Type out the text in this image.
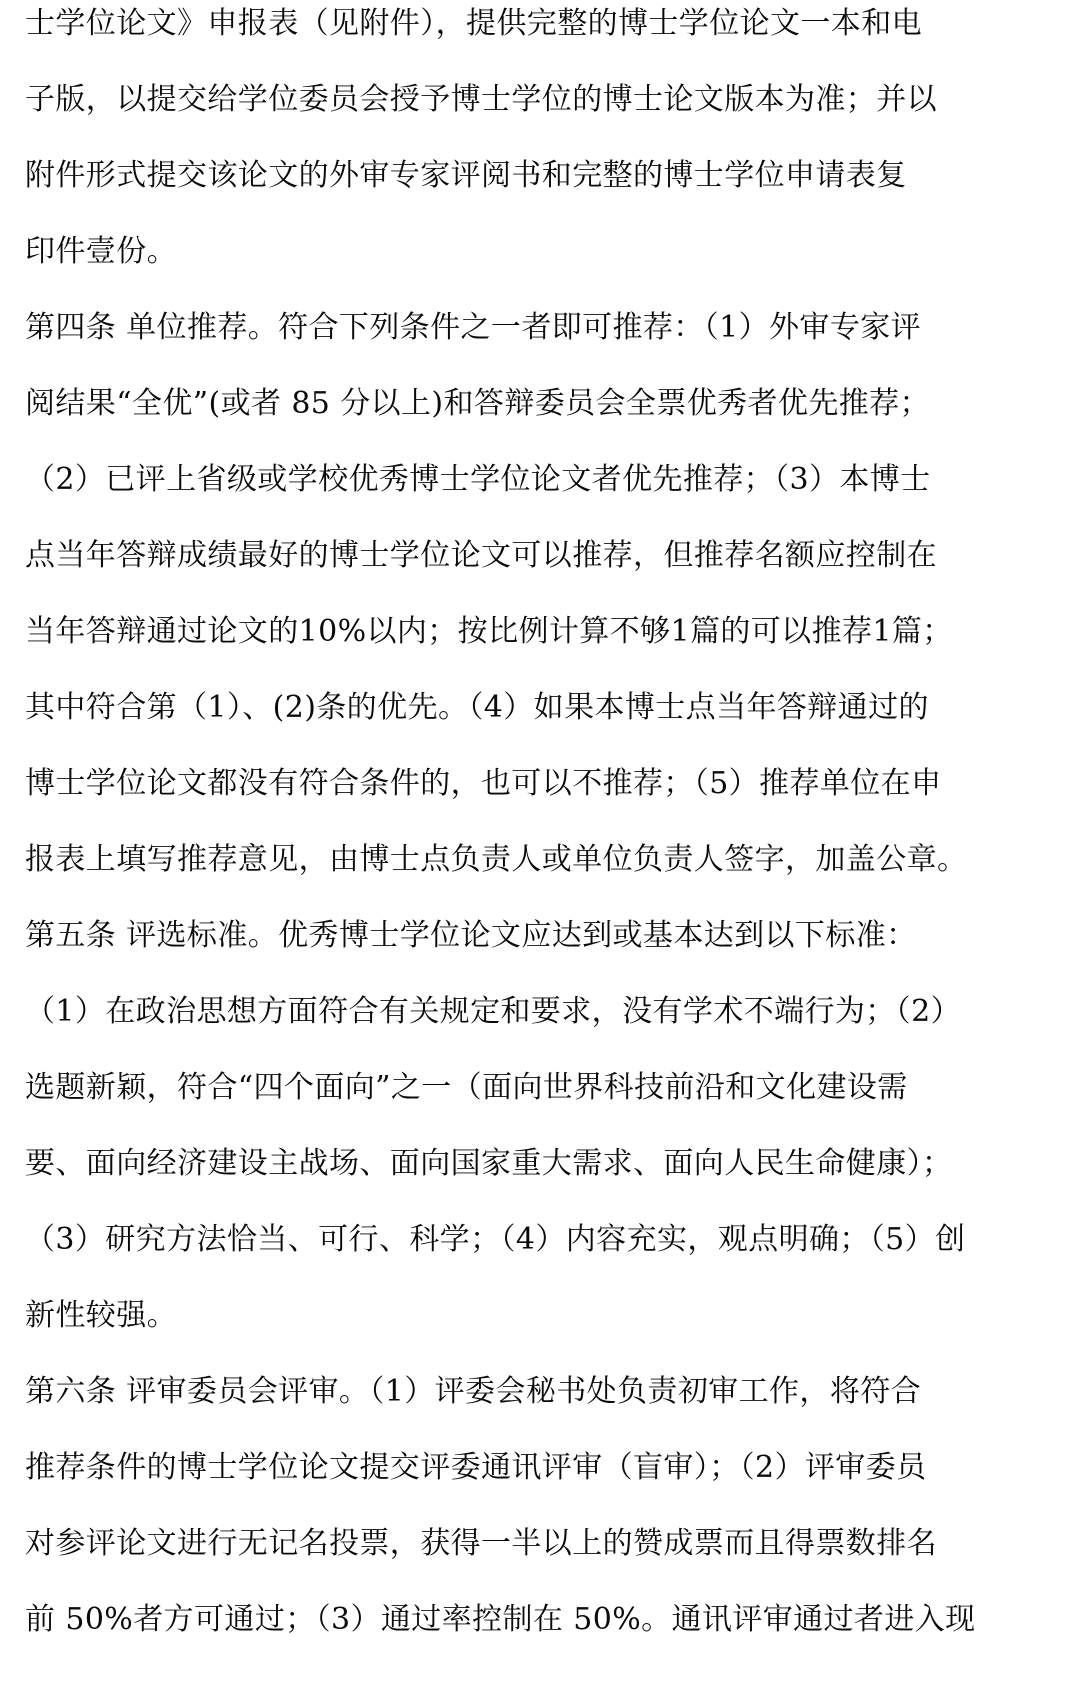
士学位论文》申报表（见附件），提供完整的博士学位论文一本和电
子版，以提交给学位委员会授予博士学位的博士论文版本为准；并以
附件形式提交该论文的外审专家评阅书和完整的博士学位申请表复
印件壹份。
第四条 单位推荐。符合下列条件之一者即可推荐：（1）外审专家评
阅结果“全优”(或者 85 分以上)和答辩委员会全票优秀者优先推荐；
（2）已评上省级或学校优秀博士学位论文者优先推荐；（3）本博士
点当年答辩成绩最好的博士学位论文可以推荐，但推荐名额应控制在
当年答辩通过论文的10%以内；按比例计算不够1篇的可以推荐1篇；
其中符合第（1）、(2)条的优先。（4）如果本博士点当年答辩通过的
博士学位论文都没有符合条件的，也可以不推荐；（5）推荐单位在申
报表上填写推荐意见，由博士点负责人或单位负责人签字，加盖公章。
第五条 评选标准。优秀博士学位论文应达到或基本达到以下标准：
（1）在政治思想方面符合有关规定和要求，没有学术不端行为；（2）
选题新颖，符合“四个面向”之一（面向世界科技前沿和文化建设需
要、面向经济建设主战场、面向国家重大需求、面向人民生命健康）；
（3）研究方法恰当、可行、科学；（4）内容充实，观点明确；（5）创
新性较强。
第六条 评审委员会评审。（1）评委会秘书处负责初审工作，将符合
推荐条件的博士学位论文提交评委通讯评审（盲审）；（2）评审委员
对参评论文进行无记名投票，获得一半以上的赞成票而且得票数排名
前 50%者方可通过；（3）通过率控制在 50%。通讯评审通过者进入现
